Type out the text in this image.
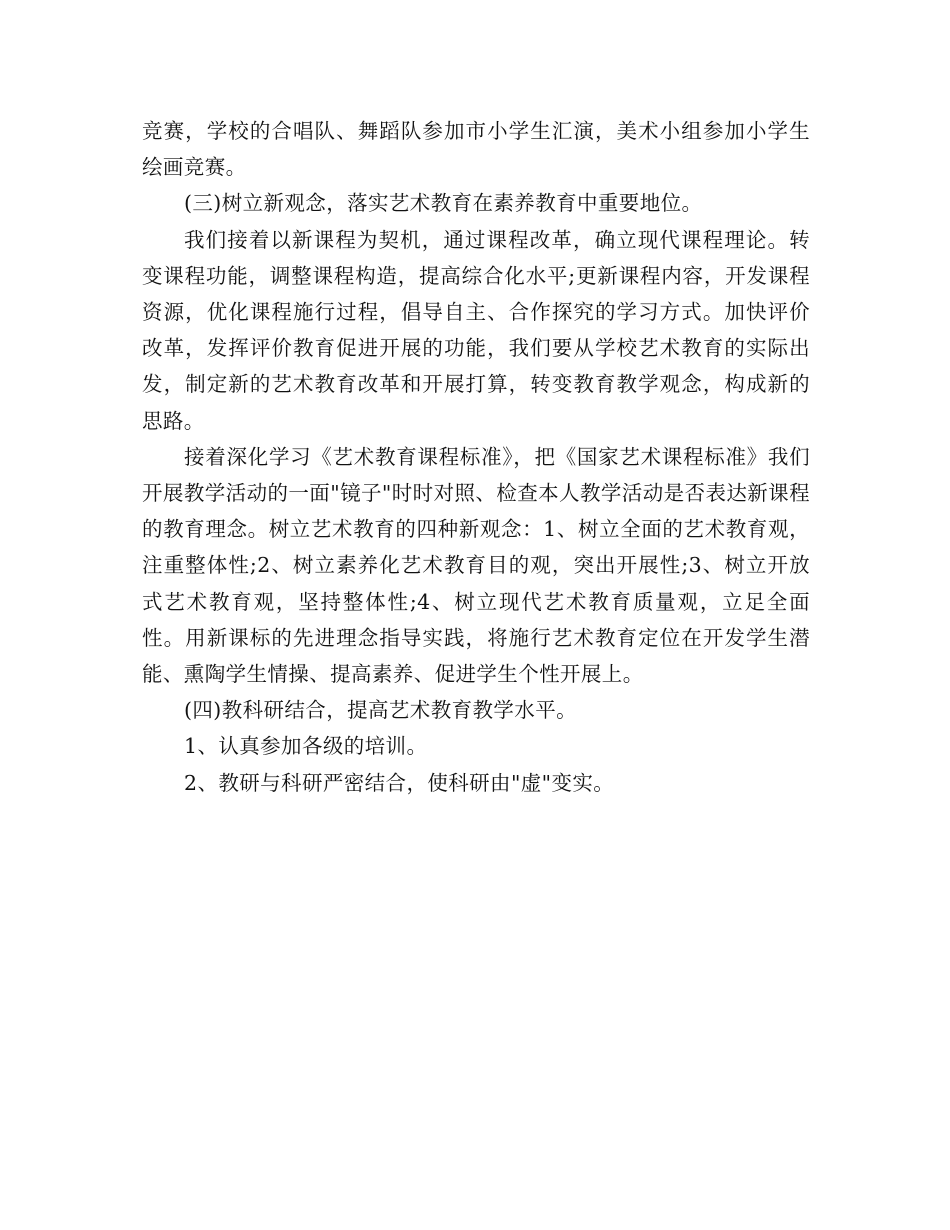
竞赛，学校的合唱队、舞蹈队参加市小学生汇演，美术小组参加小学生绘画竞赛。

(三)树立新观念，落实艺术教育在素养教育中重要地位。

我们接着以新课程为契机，通过课程改革，确立现代课程理论。转变课程功能，调整课程构造，提高综合化水平;更新课程内容，开发课程资源，优化课程施行过程，倡导自主、合作探究的学习方式。加快评价改革，发挥评价教育促进开展的功能，我们要从学校艺术教育的实际出发，制定新的艺术教育改革和开展打算，转变教育教学观念，构成新的思路。

接着深化学习《艺术教育课程标准》，把《国家艺术课程标准》我们开展教学活动的一面"镜子"时时对照、检查本人教学活动是否表达新课程的教育理念。树立艺术教育的四种新观念：1、树立全面的艺术教育观，注重整体性;2、树立素养化艺术教育目的观，突出开展性;3、树立开放式艺术教育观，坚持整体性;4、树立现代艺术教育质量观，立足全面性。用新课标的先进理念指导实践，将施行艺术教育定位在开发学生潜能、熏陶学生情操、提高素养、促进学生个性开展上。

(四)教科研结合，提高艺术教育教学水平。

1、认真参加各级的培训。

2、教研与科研严密结合，使科研由"虚"变实。
